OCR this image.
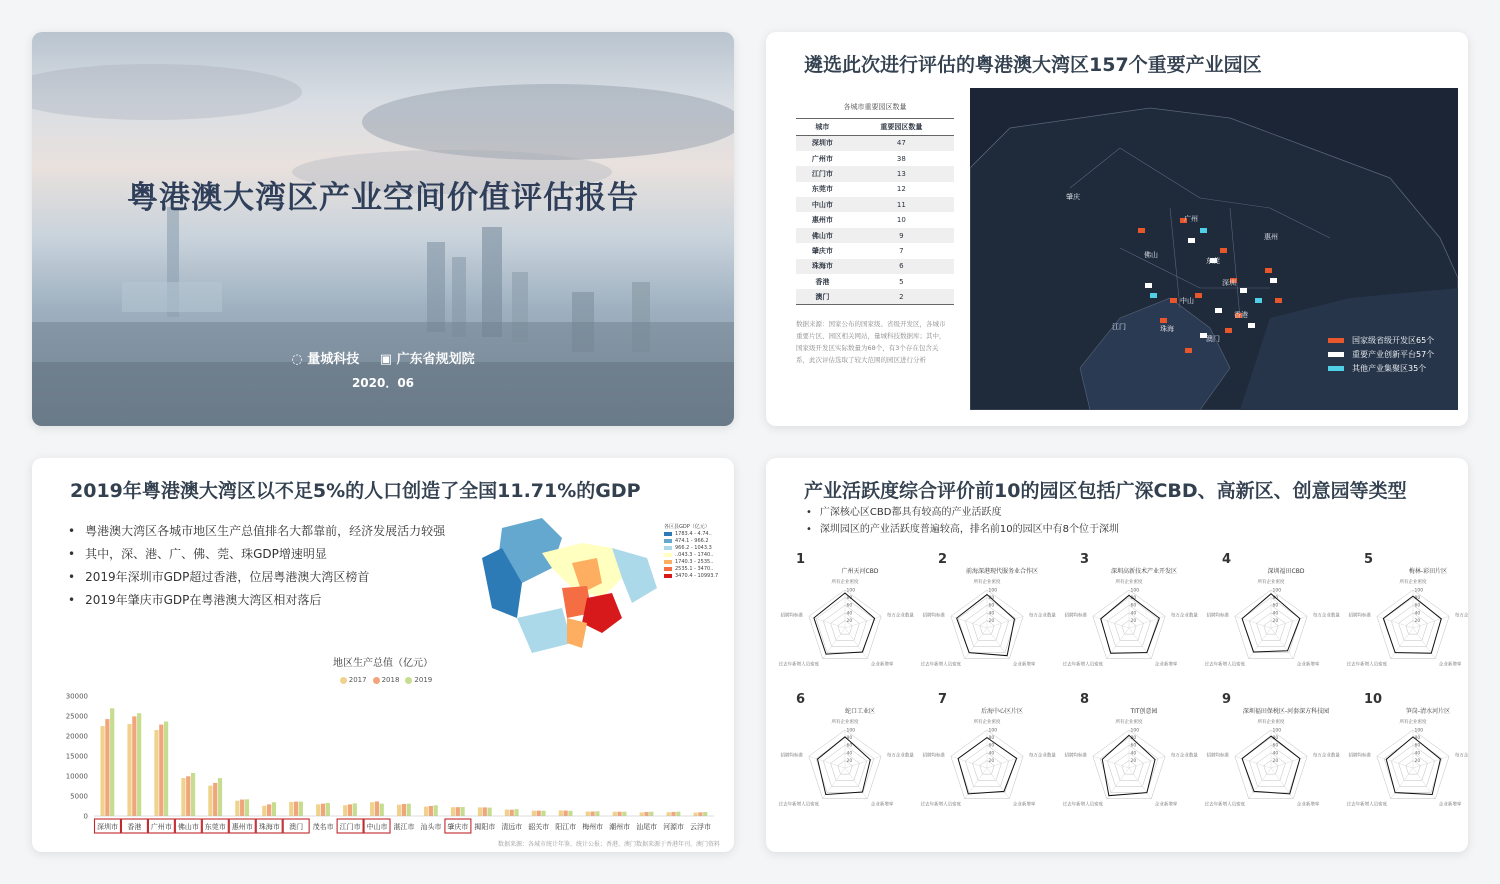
粤港澳大湾区产业空间价值评估报告
◌ 量城科技 ▣ 广东省规划院
2020．06
遴选此次进行评估的粤港澳大湾区157个重要产业园区
各城市重要园区数量
城市	重要园区数量
深圳市	47
广州市	38
江门市	13
东莞市	12
中山市	11
惠州市	10
佛山市	9
肇庆市	7
珠海市	6
香港	5
澳门	2
数据来源：国家公布的国家级、省级开发区，各城市重要片区、园区相关网站，量城科技数据库；其中，国家级开发区实际数量为68个，有3个存在包含关系，此次评估选取了较大范围的园区进行分析
肇庆
广州
惠州
佛山
东莞
深圳
中山
江门	珠海
香港
澳门	国家级省级开发区65个
重要产业创新平台57个
其他产业集聚区35个
2019年粤港澳大湾区以不足5%的人口创造了全国11.71%的GDP
• 粤港澳大湾区各城市地区生产总值排名大都靠前，经济发展活力较强
• 其中，深、港、广、佛、莞、珠GDP增速明显
• 2019年深圳市GDP超过香港，位居粤港澳大湾区榜首
• 2019年肇庆市GDP在粤港澳大湾区相对落后
各区县GDP（亿元）
1783.4 - 4.74..
474.1 - 966.2
966.2 - 1043.3
..043.3 - 1740..
1740.3 - 2535..
2535.1 - 3470..
3470.4 - 10993.7
地区生产总值（亿元）
2017 2018 2019
0
5000
10000
15000
20000
25000
30000
深圳市 香港 广州市 佛山市 东莞市 惠州市 珠海市 澳门 茂名市 江门市 中山市 湛江市 汕头市 肇庆市 揭阳市 清远市 韶关市 阳江市 梅州市 潮州市 汕尾市 河源市 云浮市
数据来源：各城市统计年鉴、统计公报；香港、澳门数据来源于香港年刊、澳门资料
产业活跃度综合评价前10的园区包括广深CBD、高新区、创意园等类型
• 广深核心区CBD都具有较高的产业活跃度
• 深圳园区的产业活跃度普遍较高，排名前10的园区中有8个位于深圳
1
广州天河CBD
20
40
60
80
100
所有企业密度
每万企业数量
企业新增率
过去年新增人员密度
招聘均标准
2
前海深港现代服务业合作区
20
40
60
80
100
所有企业密度
每万企业数量
企业新增率
过去年新增人员密度
招聘均标准
3
深圳高新技术产业开发区
20
40
60
80
100
所有企业密度
每万企业数量
企业新增率
过去年新增人员密度
招聘均标准
4
深圳福田CBD
20
40
60
80
100
所有企业密度
每万企业数量
企业新增率
过去年新增人员密度
招聘均标准
5
梅林-彩田片区
20
40
60
80
100
所有企业密度
每万企业数量
企业新增率
过去年新增人员密度
招聘均标准
6
蛇口工业区
20
40
60
80
100
所有企业密度
每万企业数量
企业新增率
过去年新增人员密度
招聘均标准
7
后海中心区片区
20
40
60
80
100
所有企业密度
每万企业数量
企业新增率
过去年新增人员密度
招聘均标准
8
TIT创意园
20
40
60
80
100
所有企业密度
每万企业数量
企业新增率
过去年新增人员密度
招聘均标准
9
深圳福田保税区-河套深方科技园
20
40
60
80
100
所有企业密度
每万企业数量
企业新增率
过去年新增人员密度
招聘均标准
10
笋岗-清水河片区
20
40
60
80
100
所有企业密度
每万企业数量
企业新增率
过去年新增人员密度
招聘均标准
